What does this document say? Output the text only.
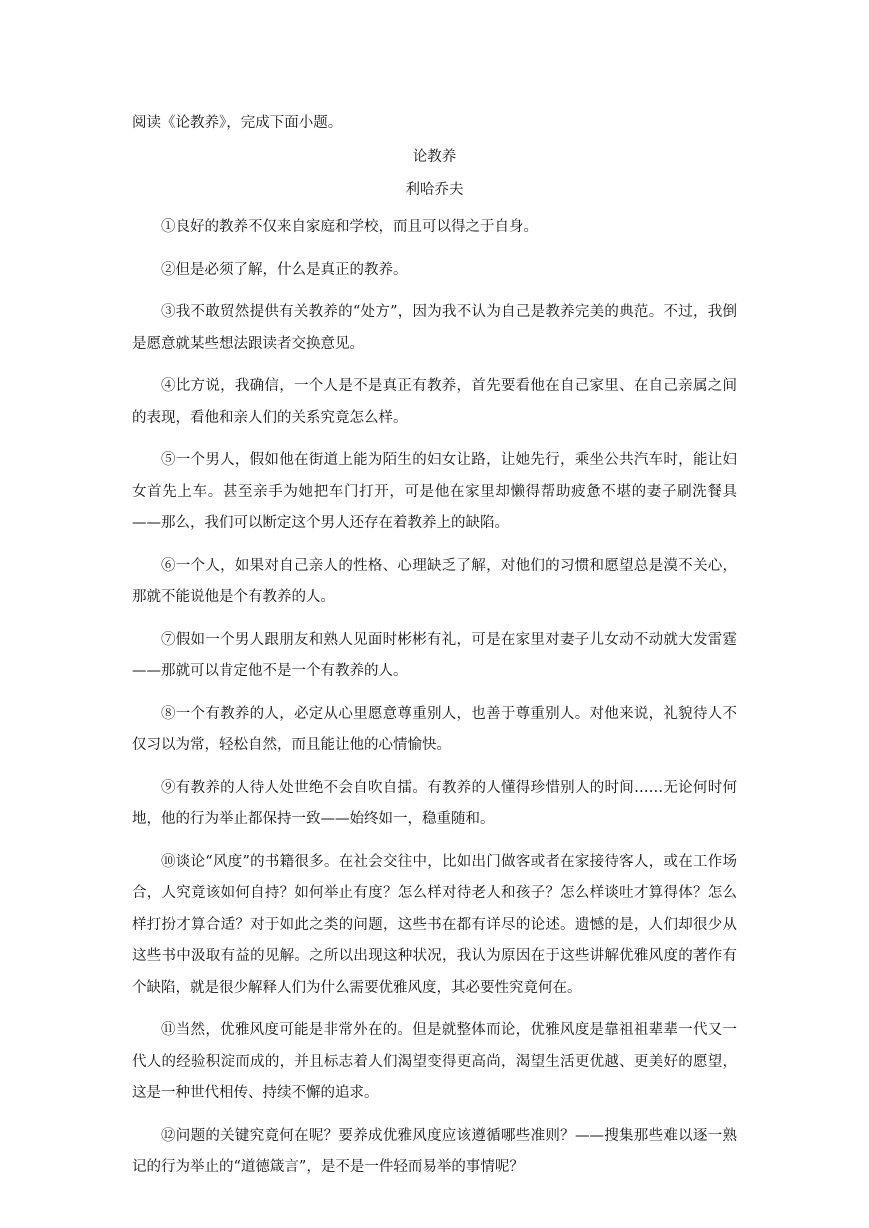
阅读《论教养》，完成下面小题。

论教养

利哈乔夫

①良好的教养不仅来自家庭和学校，而且可以得之于自身。

②但是必须了解，什么是真正的教养。

③我不敢贸然提供有关教养的“处方”，因为我不认为自己是教养完美的典范。不过，我倒是愿意就某些想法跟读者交换意见。

④比方说，我确信，一个人是不是真正有教养，首先要看他在自己家里、在自己亲属之间的表现，看他和亲人们的关系究竟怎么样。

⑤一个男人，假如他在街道上能为陌生的妇女让路，让她先行，乘坐公共汽车时，能让妇女首先上车。甚至亲手为她把车门打开，可是他在家里却懒得帮助疲惫不堪的妻子刷洗餐具——那么，我们可以断定这个男人还存在着教养上的缺陷。

⑥一个人，如果对自己亲人的性格、心理缺乏了解，对他们的习惯和愿望总是漠不关心，那就不能说他是个有教养的人。

⑦假如一个男人跟朋友和熟人见面时彬彬有礼，可是在家里对妻子儿女动不动就大发雷霆——那就可以肯定他不是一个有教养的人。

⑧一个有教养的人，必定从心里愿意尊重别人，也善于尊重别人。对他来说，礼貌待人不仅习以为常，轻松自然，而且能让他的心情愉快。

⑨有教养的人待人处世绝不会自吹自擂。有教养的人懂得珍惜别人的时间……无论何时何地，他的行为举止都保持一致——始终如一，稳重随和。

⑩谈论“风度”的书籍很多。在社会交往中，比如出门做客或者在家接待客人，或在工作场合，人究竟该如何自持？如何举止有度？怎么样对待老人和孩子？怎么样谈吐才算得体？怎么样打扮才算合适？对于如此之类的问题，这些书在都有详尽的论述。遗憾的是，人们却很少从这些书中汲取有益的见解。之所以出现这种状况，我认为原因在于这些讲解优雅风度的著作有个缺陷，就是很少解释人们为什么需要优雅风度，其必要性究竟何在。

⑪当然，优雅风度可能是非常外在的。但是就整体而论，优雅风度是靠祖祖辈辈一代又一代人的经验积淀而成的，并且标志着人们渴望变得更高尚，渴望生活更优越、更美好的愿望，这是一种世代相传、持续不懈的追求。

⑫问题的关键究竟何在呢？要养成优雅风度应该遵循哪些准则？——搜集那些难以逐一熟记的行为举止的“道德箴言”，是不是一件轻而易举的事情呢？
